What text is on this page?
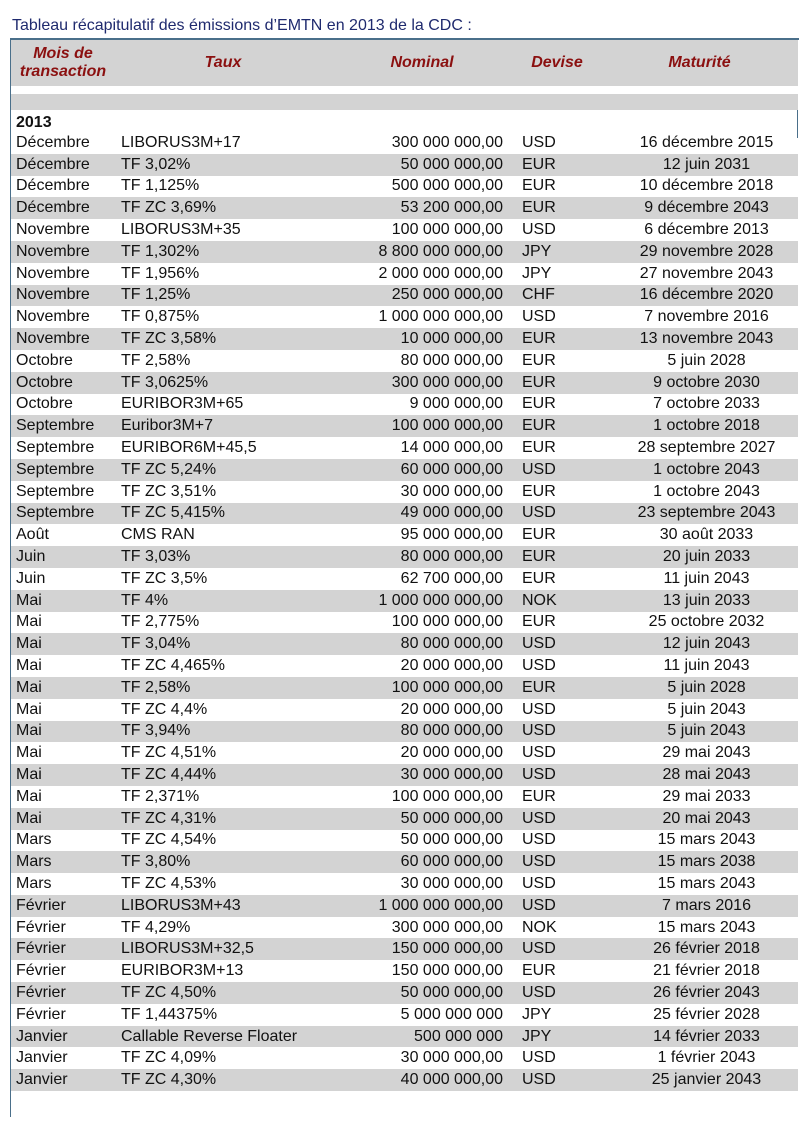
Tableau récapitulatif des émissions d’EMTN en 2013 de la CDC :
Mois de transaction	Taux	Nominal	Devise	Maturité

2013				
Décembre	LIBORUS3M+17	300 000 000,00	USD	16 décembre 2015
Décembre	TF 3,02%	50 000 000,00	EUR	12 juin 2031
Décembre	TF 1,125%	500 000 000,00	EUR	10 décembre 2018
Décembre	TF ZC 3,69%	53 200 000,00	EUR	9 décembre 2043
Novembre	LIBORUS3M+35	100 000 000,00	USD	6 décembre 2013
Novembre	TF 1,302%	8 800 000 000,00	JPY	29 novembre 2028
Novembre	TF 1,956%	2 000 000 000,00	JPY	27 novembre 2043
Novembre	TF 1,25%	250 000 000,00	CHF	16 décembre 2020
Novembre	TF 0,875%	1 000 000 000,00	USD	7 novembre 2016
Novembre	TF ZC 3,58%	10 000 000,00	EUR	13 novembre 2043
Octobre	TF 2,58%	80 000 000,00	EUR	5 juin 2028
Octobre	TF 3,0625%	300 000 000,00	EUR	9 octobre 2030
Octobre	EURIBOR3M+65	9 000 000,00	EUR	7 octobre 2033
Septembre	Euribor3M+7	100 000 000,00	EUR	1 octobre 2018
Septembre	EURIBOR6M+45,5	14 000 000,00	EUR	28 septembre 2027
Septembre	TF ZC 5,24%	60 000 000,00	USD	1 octobre 2043
Septembre	TF ZC 3,51%	30 000 000,00	EUR	1 octobre 2043
Septembre	TF ZC 5,415%	49 000 000,00	USD	23 septembre 2043
Août	CMS RAN	95 000 000,00	EUR	30 août 2033
Juin	TF 3,03%	80 000 000,00	EUR	20 juin 2033
Juin	TF ZC 3,5%	62 700 000,00	EUR	11 juin 2043
Mai	TF 4%	1 000 000 000,00	NOK	13 juin 2033
Mai	TF 2,775%	100 000 000,00	EUR	25 octobre 2032
Mai	TF 3,04%	80 000 000,00	USD	12 juin 2043
Mai	TF ZC 4,465%	20 000 000,00	USD	11 juin 2043
Mai	TF 2,58%	100 000 000,00	EUR	5 juin 2028
Mai	TF ZC 4,4%	20 000 000,00	USD	5 juin 2043
Mai	TF 3,94%	80 000 000,00	USD	5 juin 2043
Mai	TF ZC 4,51%	20 000 000,00	USD	29 mai 2043
Mai	TF ZC 4,44%	30 000 000,00	USD	28 mai 2043
Mai	TF 2,371%	100 000 000,00	EUR	29 mai 2033
Mai	TF ZC 4,31%	50 000 000,00	USD	20 mai 2043
Mars	TF ZC 4,54%	50 000 000,00	USD	15 mars 2043
Mars	TF 3,80%	60 000 000,00	USD	15 mars 2038
Mars	TF ZC 4,53%	30 000 000,00	USD	15 mars 2043
Février	LIBORUS3M+43	1 000 000 000,00	USD	7 mars 2016
Février	TF 4,29%	300 000 000,00	NOK	15 mars 2043
Février	LIBORUS3M+32,5	150 000 000,00	USD	26 février 2018
Février	EURIBOR3M+13	150 000 000,00	EUR	21 février 2018
Février	TF ZC 4,50%	50 000 000,00	USD	26 février 2043
Février	TF 1,44375%	5 000 000 000	JPY	25 février 2028
Janvier	Callable Reverse Floater	500 000 000	JPY	14 février 2033
Janvier	TF ZC 4,09%	30 000 000,00	USD	1 février 2043
Janvier	TF ZC 4,30%	40 000 000,00	USD	25 janvier 2043
